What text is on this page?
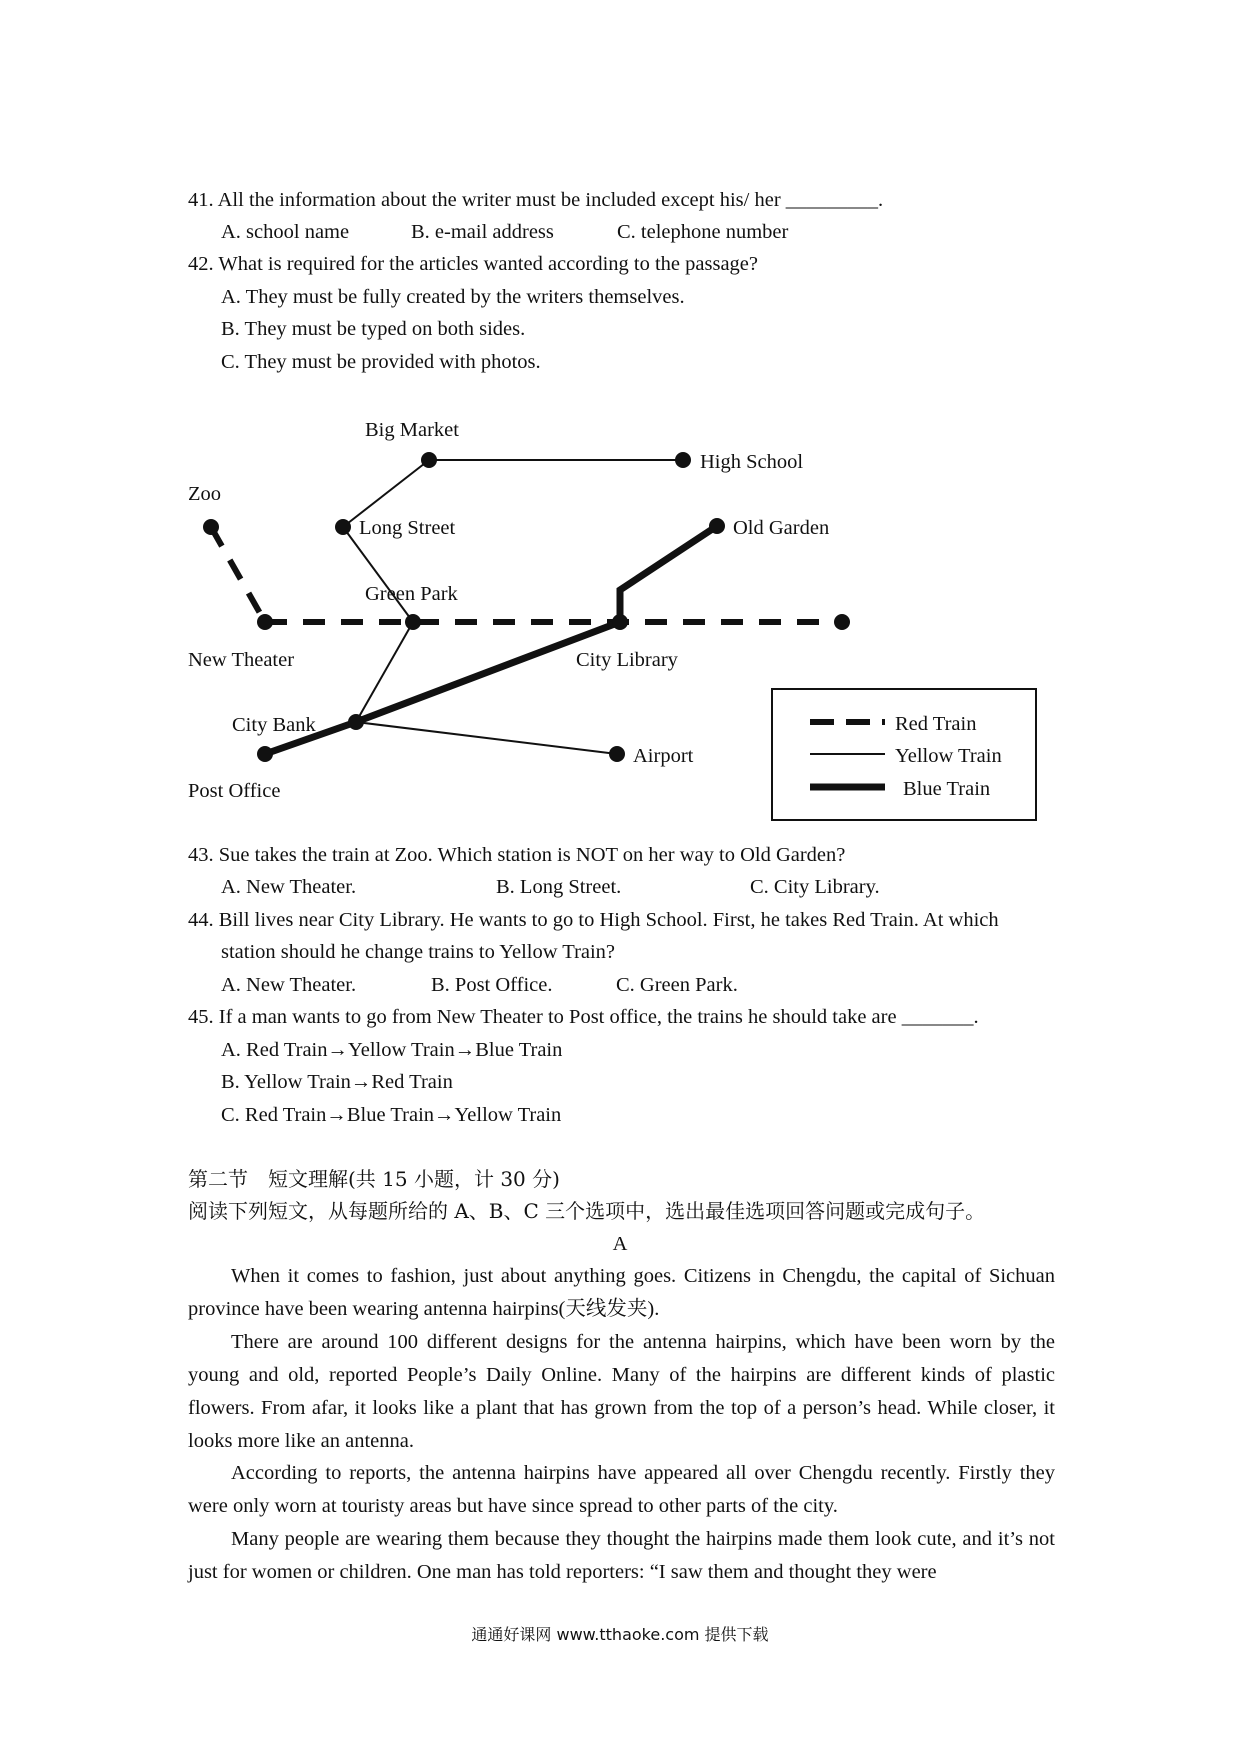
41. All the information about the writer must be included except his/ her _________.
A. school name	B. e-mail address	C. telephone number
42. What is required for the articles wanted according to the passage?
A. They must be fully created by the writers themselves.
B. They must be typed on both sides.
C. They must be provided with photos.
Big Market
High School
Zoo
Long Street	Old Garden
Green Park
New Theater	City Library
City Bank
Airport
Post Office
Red Train
Yellow Train
Blue Train
43. Sue takes the train at Zoo. Which station is NOT on her way to Old Garden?
A. New Theater.	B. Long Street.	C. City Library.
44. Bill lives near City Library. He wants to go to High School. First, he takes Red Train. At which
station should he change trains to Yellow Train?
A. New Theater.	B. Post Office.	C. Green Park.
45. If a man wants to go from New Theater to Post office, the trains he should take are _______.
A. Red Train→Yellow Train→Blue Train
B. Yellow Train→Red Train
C. Red Train→Blue Train→Yellow Train
第二节　短文理解(共 15 小题，计 30 分)
阅读下列短文，从每题所给的 A、B、C 三个选项中，选出最佳选项回答问题或完成句子。
A
When it comes to fashion, just about anything goes. Citizens in Chengdu, the capital of Sichuan province have been wearing antenna hairpins(天线发夹).
There are around 100 different designs for the antenna hairpins, which have been worn by the young and old, reported People’s Daily Online. Many of the hairpins are different kinds of plastic flowers. From afar, it looks like a plant that has grown from the top of a person’s head. While closer, it looks more like an antenna.
According to reports, the antenna hairpins have appeared all over Chengdu recently. Firstly they were only worn at touristy areas but have since spread to other parts of the city.
Many people are wearing them because they thought the hairpins made them look cute, and it’s not just for women or children. One man has told reporters: “I saw them and thought they were
通通好课网 www.tthaoke.com 提供下载
